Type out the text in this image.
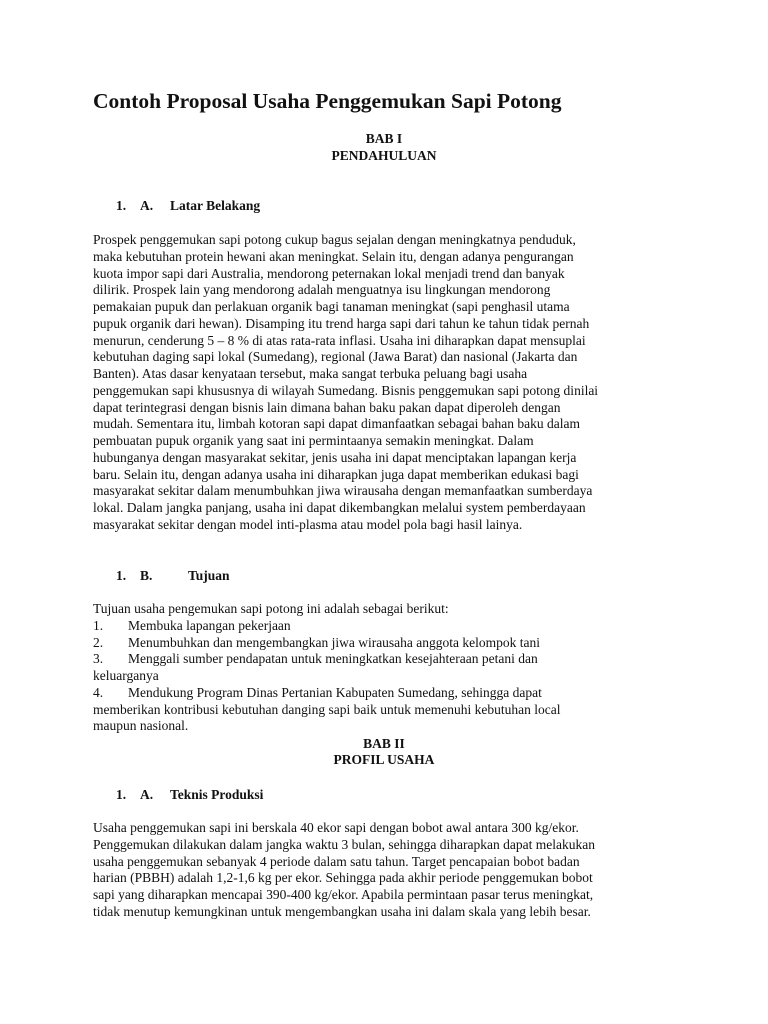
Contoh Proposal Usaha Penggemukan Sapi Potong
BAB I
PENDAHULUAN
1. A. Latar Belakang
Prospek penggemukan sapi potong cukup bagus sejalan dengan meningkatnya penduduk,
maka kebutuhan protein hewani akan meningkat. Selain itu, dengan adanya pengurangan
kuota impor sapi dari Australia, mendorong peternakan lokal menjadi trend dan banyak
dilirik. Prospek lain yang mendorong adalah menguatnya isu lingkungan mendorong
pemakaian pupuk dan perlakuan organik bagi tanaman meningkat (sapi penghasil utama
pupuk organik dari hewan). Disamping itu trend harga sapi dari tahun ke tahun tidak pernah
menurun, cenderung 5 – 8 % di atas rata-rata inflasi. Usaha ini diharapkan dapat mensuplai
kebutuhan daging sapi lokal (Sumedang), regional (Jawa Barat) dan nasional (Jakarta dan
Banten). Atas dasar kenyataan tersebut, maka sangat terbuka peluang bagi usaha
penggemukan sapi khususnya di wilayah Sumedang. Bisnis penggemukan sapi potong dinilai
dapat terintegrasi dengan bisnis lain dimana bahan baku pakan dapat diperoleh dengan
mudah. Sementara itu, limbah kotoran sapi dapat dimanfaatkan sebagai bahan baku dalam
pembuatan pupuk organik yang saat ini permintaanya semakin meningkat. Dalam
hubunganya dengan masyarakat sekitar, jenis usaha ini dapat menciptakan lapangan kerja
baru. Selain itu, dengan adanya usaha ini diharapkan juga dapat memberikan edukasi bagi
masyarakat sekitar dalam menumbuhkan jiwa wirausaha dengan memanfaatkan sumberdaya
lokal. Dalam jangka panjang, usaha ini dapat dikembangkan melalui system pemberdayaan
masyarakat sekitar dengan model inti-plasma atau model pola bagi hasil lainya.
1. B.	Tujuan
Tujuan usaha pengemukan sapi potong ini adalah sebagai berikut:
1. Membuka lapangan pekerjaan
2. Menumbuhkan dan mengembangkan jiwa wirausaha anggota kelompok tani
3. Menggali sumber pendapatan untuk meningkatkan kesejahteraan petani dan
keluarganya
4. Mendukung Program Dinas Pertanian Kabupaten Sumedang, sehingga dapat
memberikan kontribusi kebutuhan danging sapi baik untuk memenuhi kebutuhan local
maupun nasional.
BAB II
PROFIL USAHA
1. A. Teknis Produksi
Usaha penggemukan sapi ini berskala 40 ekor sapi dengan bobot awal antara 300 kg/ekor.
Penggemukan dilakukan dalam jangka waktu 3 bulan, sehingga diharapkan dapat melakukan
usaha penggemukan sebanyak 4 periode dalam satu tahun. Target pencapaian bobot badan
harian (PBBH) adalah 1,2-1,6 kg per ekor. Sehingga pada akhir periode penggemukan bobot
sapi yang diharapkan mencapai 390-400 kg/ekor. Apabila permintaan pasar terus meningkat,
tidak menutup kemungkinan untuk mengembangkan usaha ini dalam skala yang lebih besar.
